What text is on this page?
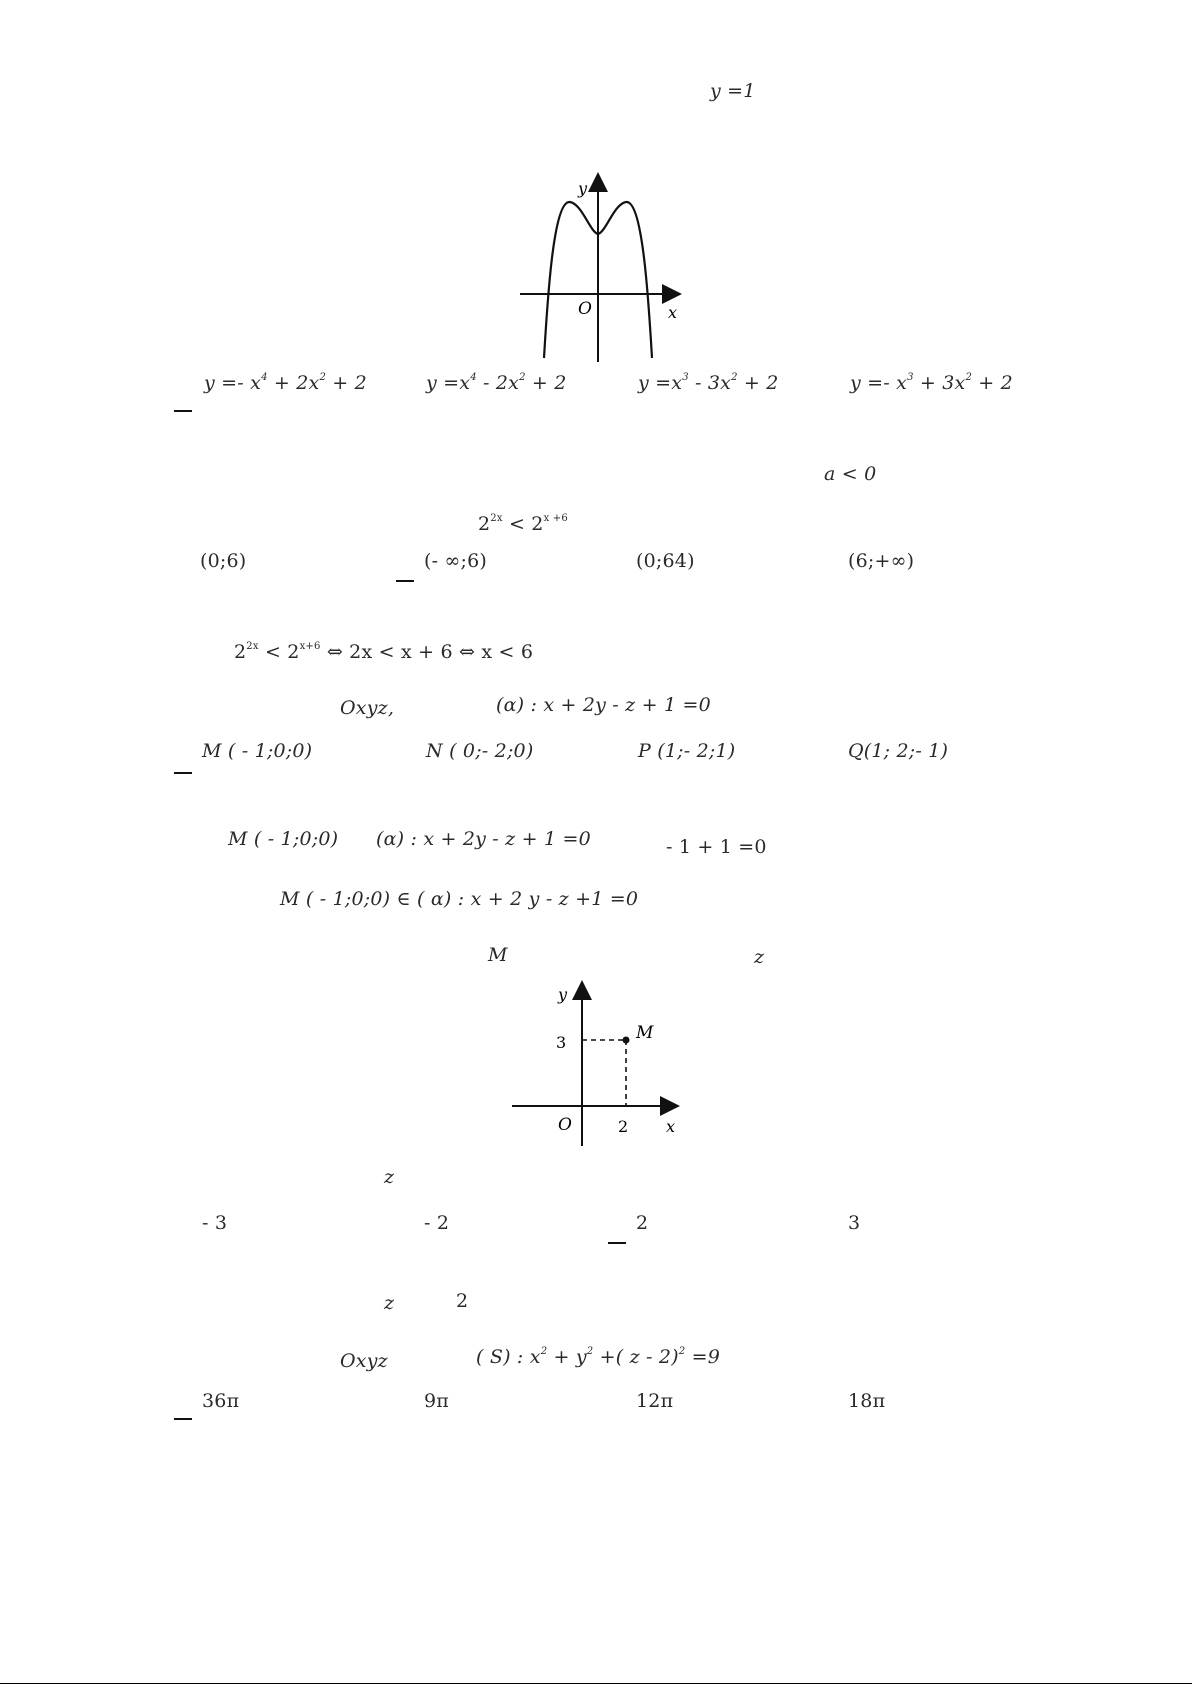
y =1
y
x
O
$y =- x^4 + 2x^2 + 2$	$y =x^4 - 2x^2 + 2$	$y =x^3 - 3x^2 + 2$	$y =- x^3 + 3x^2 + 2$
a < 0
$2^{2x} < 2^{x +6}$
(0;6)	(- ∞;6)	(0;64)	(6;+∞)
$2^{2x} < 2^{x+6}$ ⇔ 2x < x + 6 ⇔ x < 6
Oxyz,	(α) : x + 2y - z + 1 =0
M ( - 1;0;0)	N ( 0;- 2;0)	P (1;- 2;1)	Q(1; 2;- 1)
M ( - 1;0;0) (α) : x + 2y - z + 1 =0	- 1 + 1 =0
M ( - 1;0;0) ∈ ( α) : x + 2 y - z +1 =0
M	z
M
y
x
O
3
2
z
- 3	- 2	2	3
z	2
Oxyz	( S) : $x^2 + y^2$ +( z - 2)$^2$ =9
36π	9π	12π	18π
